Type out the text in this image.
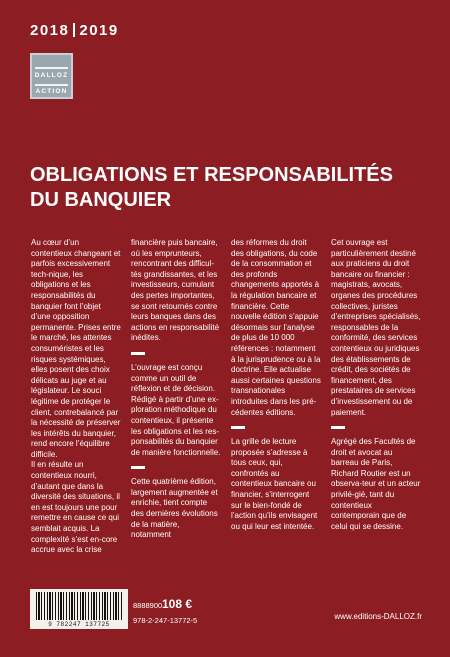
2018 2019
DALLOZ
ACTION
OBLIGATIONS ET RESPONSABILITÉS
DU BANQUIER

Au cœur d’un contentieux changeant et parfois excessivement tech-nique, les obligations et les responsabilités du banquier font l’objet d’une opposition permanente. Prises entre le marché, les attentes consuméristes et les risques systémiques, elles posent des choix délicats au juge et au législateur. Le souci légitime de protéger le client, contrebalancé par la nécessité de préserver les intérêts du banquier, rend encore l’équilibre difficile.

Il en résulte un contentieux nourri, d’autant que dans la diversité des situations, il en est toujours une pour remettre en cause ce qui semblait acquis. La complexité s’est en-core accrue avec la crise

financière puis bancaire, où les emprunteurs, rencontrant des difficul-tés grandissantes, et les investisseurs, cumulant des pertes importantes, se sont retournés contre leurs banques dans des actions en responsabilité inédites.

L’ouvrage est conçu comme un outil de réflexion et de décision. Rédigé à partir d’une ex-ploration méthodique du contentieux, il présente les obligations et les res-ponsabilités du banquier de manière fonctionnelle.

Cette quatrième édition, largement augmentée et enrichie, tient compte des dernières évolutions de la matière, notamment

des réformes du droit des obligations, du code de la consommation et des profonds changements apportés à la régulation bancaire et financière. Cette nouvelle édition s’appuie désormais sur l’analyse de plus de 10 000 références : notamment à la jurisprudence ou à la doctrine. Elle actualise aussi certaines questions transnationales introduites dans les pré-cédentes éditions.

La grille de lecture proposée s’adresse à tous ceux, qui, confrontés au contentieux bancaire ou financier, s’interrogent sur le bien-fondé de l’action qu’ils envisagent ou qui leur est intentée.

Cet ouvrage est particulièrement destiné aux praticiens du droit bancaire ou financier : magistrats, avocats, organes des procédures collectives, juristes d’entreprises spécialisés, responsables de la conformité, des services contentieux ou juridiques des établissements de crédit, des sociétés de financement, des prestataires de services d’investissement ou de paiement.

Agrégé des Facultés de droit et avocat au barreau de Paris, Richard Routier est un observa-teur et un acteur privilé-gié, tant du contentieux contemporain que de celui qui se dessine.

9 782247 137725
8888900 108 €
978-2-247-13772-5	www.editions-DALLOZ.fr
